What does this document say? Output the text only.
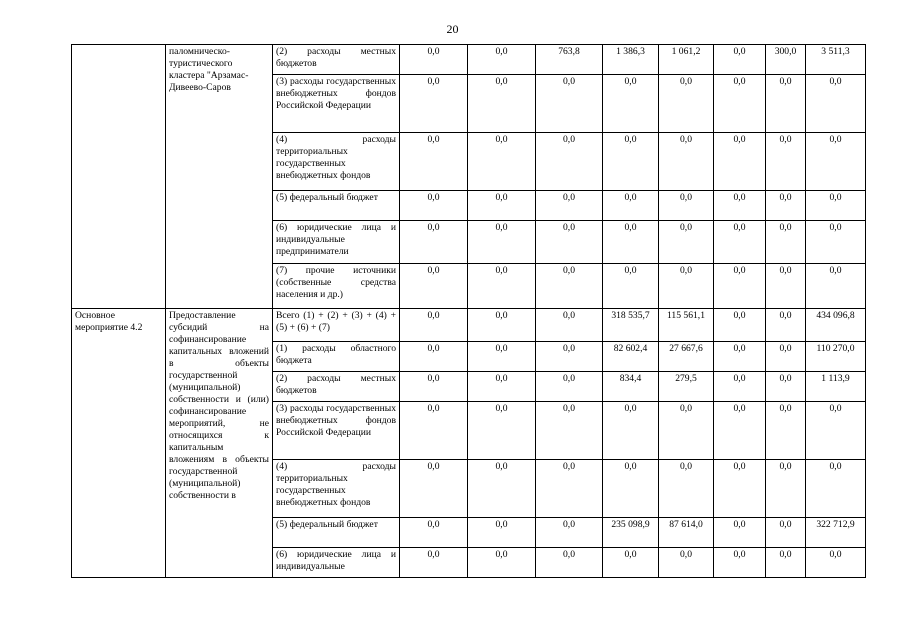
20
	паломническо-туристического кластера "Арзамас-Дивеево-Саров	(2) расходы местных бюджетов	0,0	0,0	763,8	1 386,3	1 061,2	0,0	300,0	3 511,3
		(3) расходы государственных внебюджетных фондов Российской Федерации	0,0	0,0	0,0	0,0	0,0	0,0	0,0	0,0
		(4) расходы территориальных государственных внебюджетных фондов	0,0	0,0	0,0	0,0	0,0	0,0	0,0	0,0
		(5) федеральный бюджет	0,0	0,0	0,0	0,0	0,0	0,0	0,0	0,0
		(6) юридические лица и индивидуальные предприниматели	0,0	0,0	0,0	0,0	0,0	0,0	0,0	0,0
		(7) прочие источники (собственные средства населения и др.)	0,0	0,0	0,0	0,0	0,0	0,0	0,0	0,0
Основное мероприятие 4.2	Предоставление субсидий на софинансирование капитальных вложений в объекты государственной (муниципальной) собственности и (или) софинансирование мероприятий, не относящихся к капитальным вложениям в объекты государственной (муниципальной) собственности в	Всего (1) + (2) + (3) + (4) + (5) + (6) + (7)	0,0	0,0	0,0	318 535,7	115 561,1	0,0	0,0	434 096,8
		(1) расходы областного бюджета	0,0	0,0	0,0	82 602,4	27 667,6	0,0	0,0	110 270,0
		(2) расходы местных бюджетов	0,0	0,0	0,0	834,4	279,5	0,0	0,0	1 113,9
		(3) расходы государственных внебюджетных фондов Российской Федерации	0,0	0,0	0,0	0,0	0,0	0,0	0,0	0,0
		(4) расходы территориальных государственных внебюджетных фондов	0,0	0,0	0,0	0,0	0,0	0,0	0,0	0,0
		(5) федеральный бюджет	0,0	0,0	0,0	235 098,9	87 614,0	0,0	0,0	322 712,9
		(6) юридические лица и индивидуальные	0,0	0,0	0,0	0,0	0,0	0,0	0,0	0,0
